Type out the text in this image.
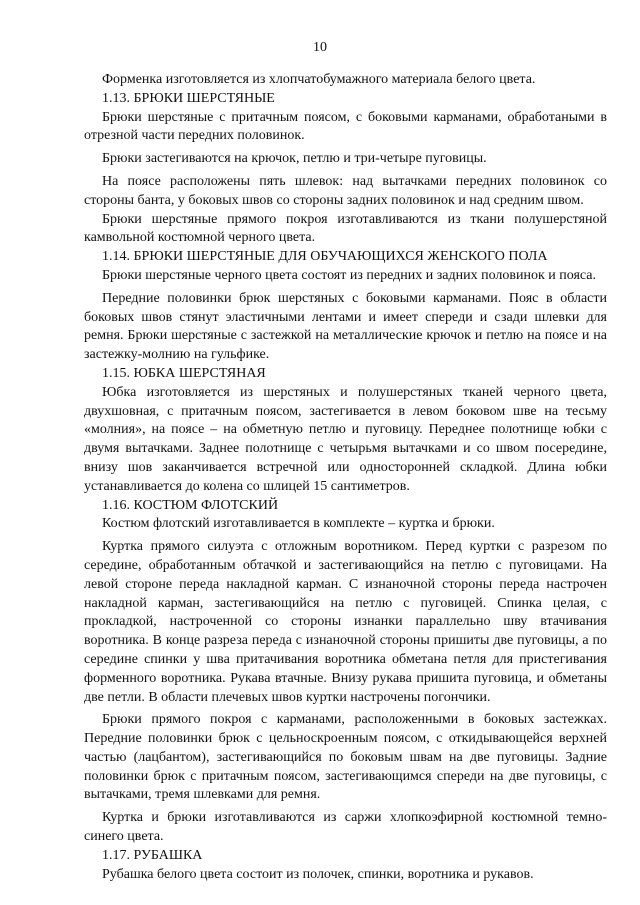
10

Форменка изготовляется из хлопчатобумажного материала белого цвета.

1.13. БРЮКИ ШЕРСТЯНЫЕ

Брюки шерстяные с притачным поясом, с боковыми карманами, обработаными в отрезной части передних половинок.

Брюки застегиваются на крючок, петлю и три-четыре пуговицы.

На поясе расположены пять шлевок: над вытачками передних половинок со стороны банта, у боковых швов со стороны задних половинок и над средним швом.

Брюки шерстяные прямого покроя изготавливаются из ткани полушерстяной камвольной костюмной черного цвета.

1.14. БРЮКИ ШЕРСТЯНЫЕ ДЛЯ ОБУЧАЮЩИХСЯ ЖЕНСКОГО ПОЛА

Брюки шерстяные черного цвета состоят из передних и задних половинок и пояса.

Передние половинки брюк шерстяных с боковыми карманами. Пояс в области боковых швов стянут эластичными лентами и имеет спереди и сзади шлевки для ремня. Брюки шерстяные с застежкой на металлические крючок и петлю на поясе и на застежку-молнию на гульфике.

1.15. ЮБКА ШЕРСТЯНАЯ

Юбка изготовляется из шерстяных и полушерстяных тканей черного цвета, двухшовная, с притачным поясом, застегивается в левом боковом шве на тесьму «молния», на поясе – на обметную петлю и пуговицу. Переднее полотнище юбки с двумя вытачками. Заднее полотнище с четырьмя вытачками и со швом посередине, внизу шов заканчивается встречной или односторонней складкой. Длина юбки устанавливается до колена со шлицей 15 сантиметров.

1.16. КОСТЮМ ФЛОТСКИЙ

Костюм флотский изготавливается в комплекте – куртка и брюки.

Куртка прямого силуэта с отложным воротником. Перед куртки с разрезом по середине, обработанным обтачкой и застегивающийся на петлю с пуговицами. На левой стороне переда накладной карман. С изнаночной стороны переда настрочен накладной карман, застегивающийся на петлю с пуговицей. Спинка целая, с прокладкой, настроченной со стороны изнанки параллельно шву втачивания воротника. В конце разреза переда с изнаночной стороны пришиты две пуговицы, а по середине спинки у шва притачивания воротника обметана петля для пристегивания форменного воротника. Рукава втачные. Внизу рукава пришита пуговица, и обметаны две петли. В области плечевых швов куртки настрочены погончики.

Брюки прямого покроя с карманами, расположенными в боковых застежках. Передние половинки брюк с цельноскроенным поясом, с откидывающейся верхней частью (лацбантом), застегивающийся по боковым швам на две пуговицы. Задние половинки брюк с притачным поясом, застегивающимся спереди на две пуговицы, с вытачками, тремя шлевками для ремня.

Куртка и брюки изготавливаются из саржи хлопкоэфирной костюмной темно-синего цвета.

1.17. РУБАШКА

Рубашка белого цвета состоит из полочек, спинки, воротника и рукавов.
